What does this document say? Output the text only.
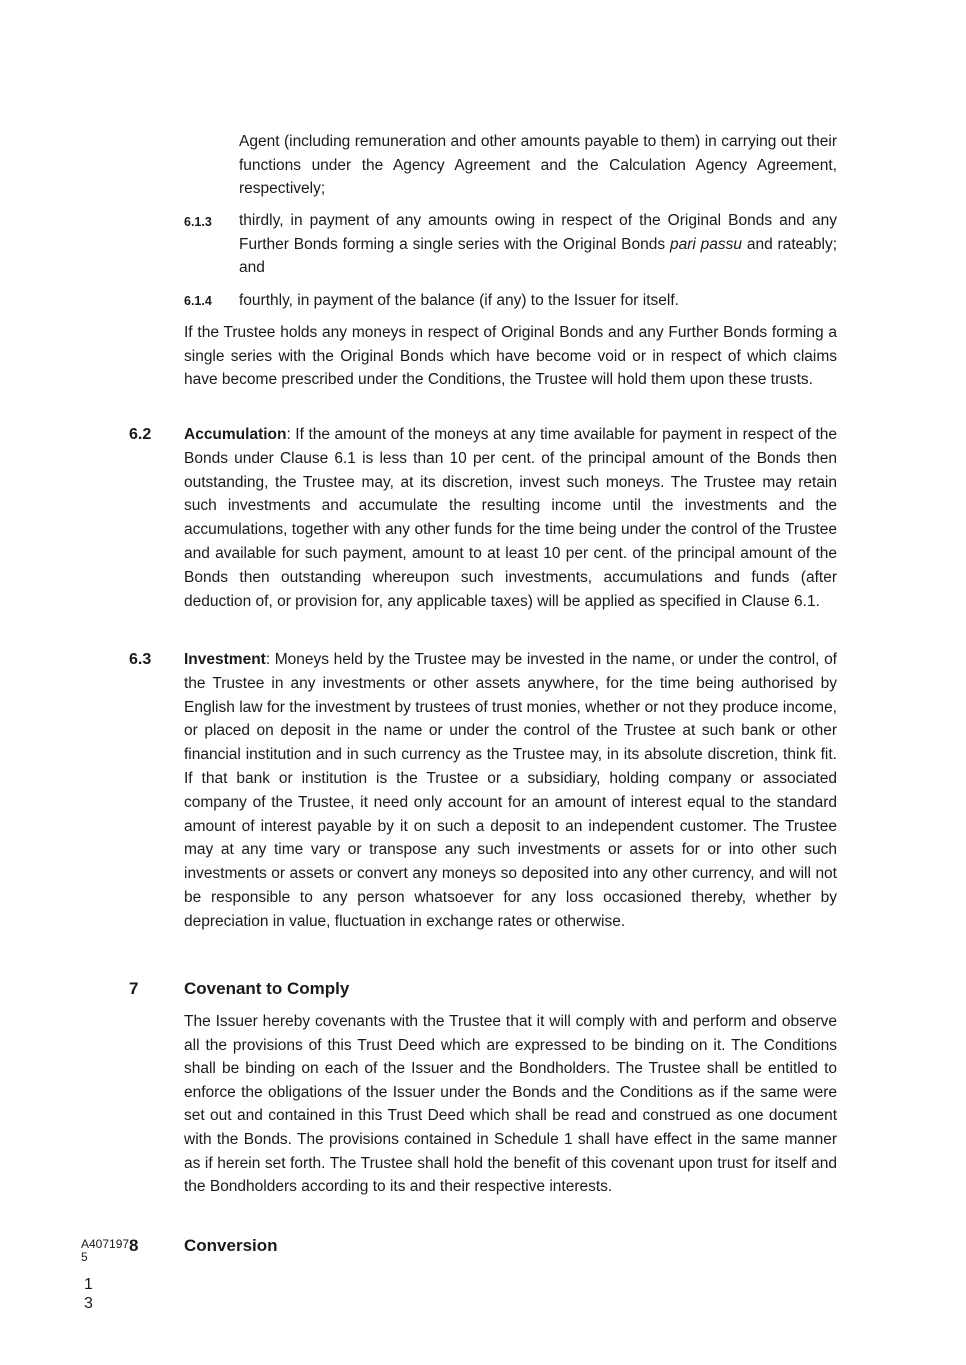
Agent (including remuneration and other amounts payable to them) in carrying out their functions under the Agency Agreement and the Calculation Agency Agreement, respectively;

6.1.3 thirdly, in payment of any amounts owing in respect of the Original Bonds and any Further Bonds forming a single series with the Original Bonds pari passu and rateably; and

6.1.4 fourthly, in payment of the balance (if any) to the Issuer for itself.

If the Trustee holds any moneys in respect of Original Bonds and any Further Bonds forming a single series with the Original Bonds which have become void or in respect of which claims have become prescribed under the Conditions, the Trustee will hold them upon these trusts.

6.2 Accumulation: If the amount of the moneys at any time available for payment in respect of the Bonds under Clause 6.1 is less than 10 per cent. of the principal amount of the Bonds then outstanding, the Trustee may, at its discretion, invest such moneys. The Trustee may retain such investments and accumulate the resulting income until the investments and the accumulations, together with any other funds for the time being under the control of the Trustee and available for such payment, amount to at least 10 per cent. of the principal amount of the Bonds then outstanding whereupon such investments, accumulations and funds (after deduction of, or provision for, any applicable taxes) will be applied as specified in Clause 6.1.

6.3 Investment: Moneys held by the Trustee may be invested in the name, or under the control, of the Trustee in any investments or other assets anywhere, for the time being authorised by English law for the investment by trustees of trust monies, whether or not they produce income, or placed on deposit in the name or under the control of the Trustee at such bank or other financial institution and in such currency as the Trustee may, in its absolute discretion, think fit. If that bank or institution is the Trustee or a subsidiary, holding company or associated company of the Trustee, it need only account for an amount of interest equal to the standard amount of interest payable by it on such a deposit to an independent customer. The Trustee may at any time vary or transpose any such investments or assets for or into other such investments or assets or convert any moneys so deposited into any other currency, and will not be responsible to any person whatsoever for any loss occasioned thereby, whether by depreciation in value, fluctuation in exchange rates or otherwise.

7	Covenant to Comply

The Issuer hereby covenants with the Trustee that it will comply with and perform and observe all the provisions of this Trust Deed which are expressed to be binding on it. The Conditions shall be binding on each of the Issuer and the Bondholders. The Trustee shall be entitled to enforce the obligations of the Issuer under the Bonds and the Conditions as if the same were set out and contained in this Trust Deed which shall be read and construed as one document with the Bonds. The provisions contained in Schedule 1 shall have effect in the same manner as if herein set forth. The Trustee shall hold the benefit of this covenant upon trust for itself and the Bondholders according to its and their respective interests.

8	Conversion
A407197
5
1
3
